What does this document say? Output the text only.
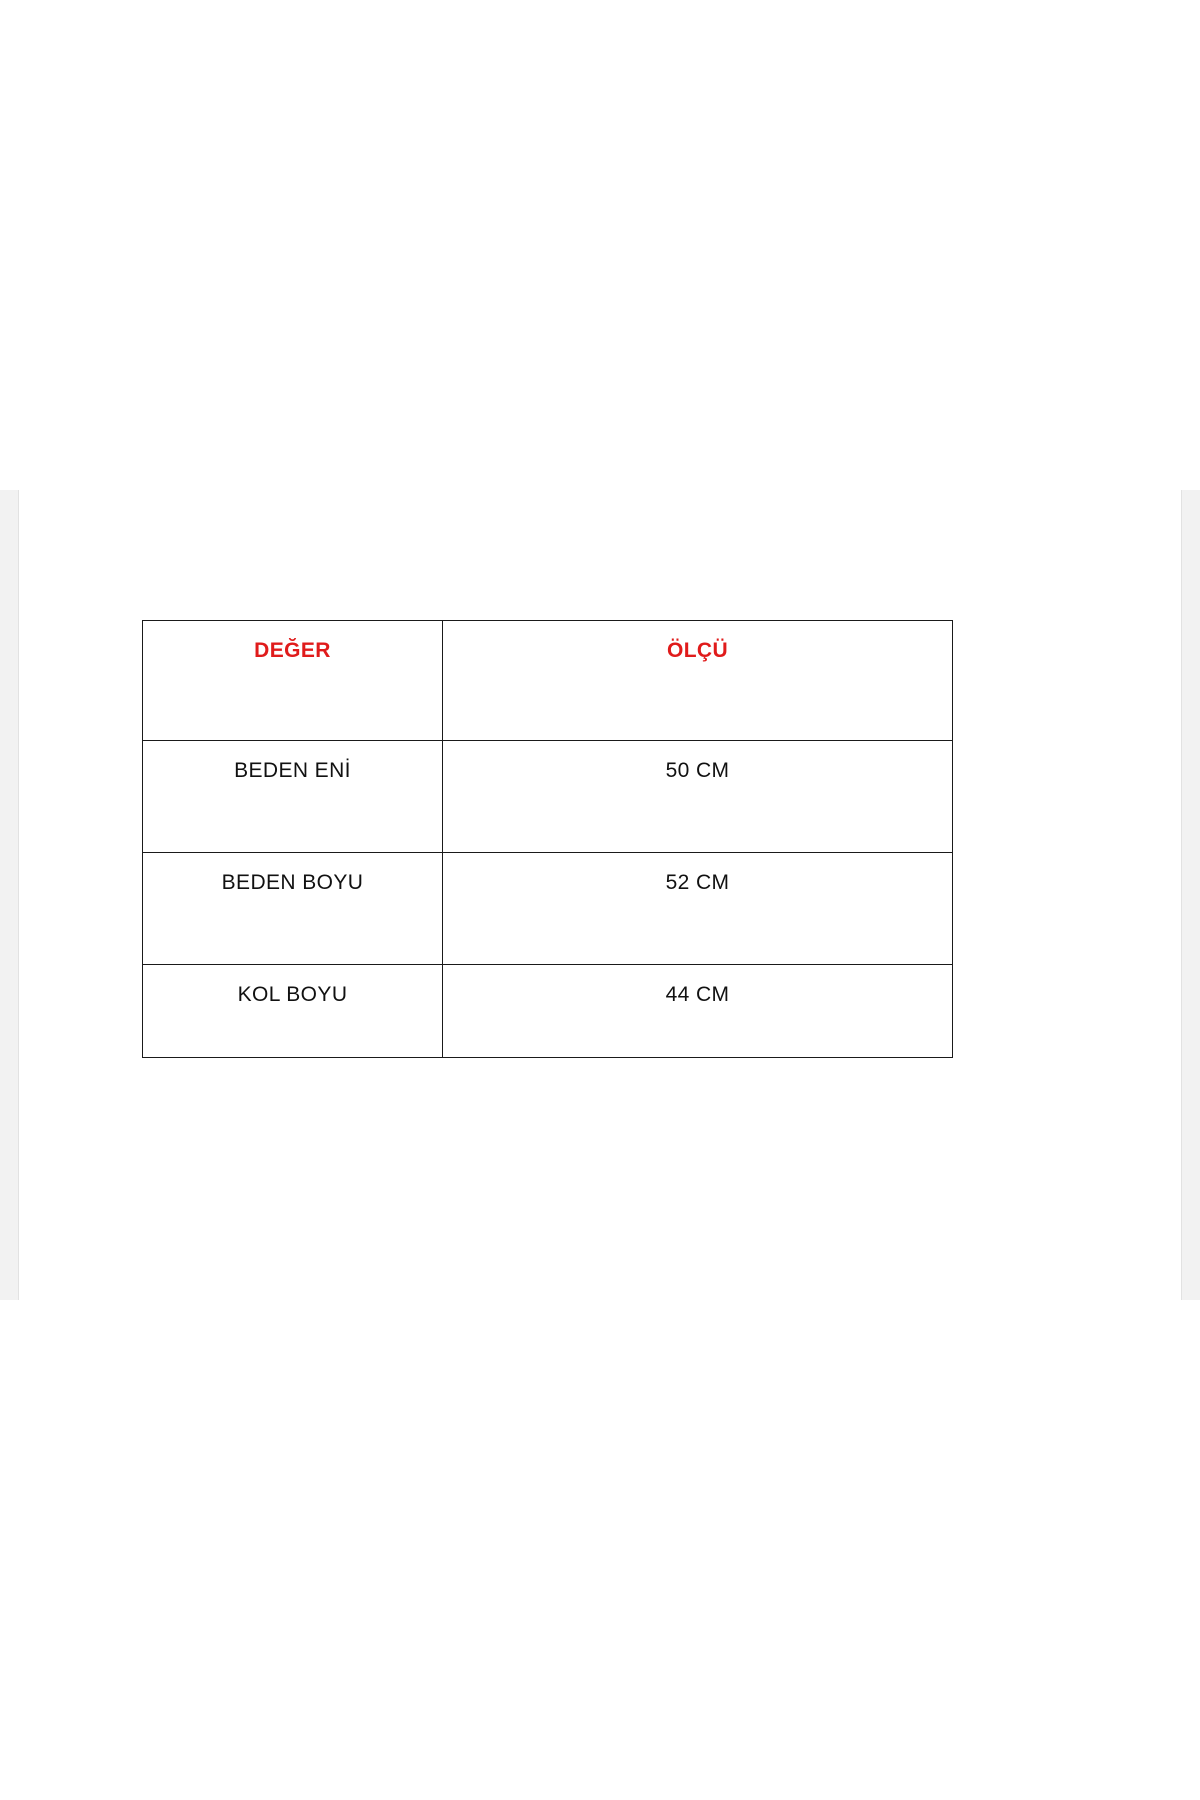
DEĞER	ÖLÇÜ
BEDEN ENİ	50 CM
BEDEN BOYU	52 CM
KOL BOYU	44 CM
